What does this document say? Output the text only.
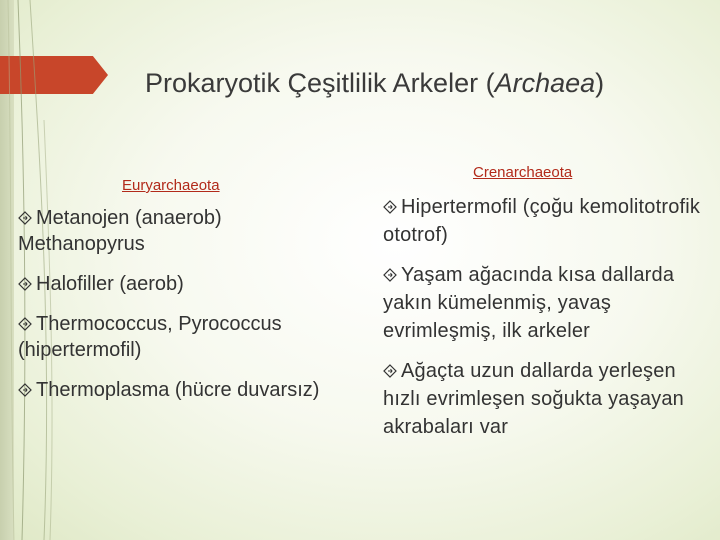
Prokaryotik Çeşitlilik Arkeler (Archaea)
Euryarchaeota
Crenarchaeota
Metanojen (anaerob) Methanopyrus
Halofiller (aerob)
Thermococcus, Pyrococcus (hipertermofil)
Thermoplasma (hücre duvarsız)
Hipertermofil (çoğu kemolitotrofik ototrof)
Yaşam ağacında kısa dallarda yakın kümelenmiş, yavaş evrimleşmiş, ilk arkeler
Ağaçta uzun dallarda yerleşen hızlı evrimleşen soğukta yaşayan akrabaları var
